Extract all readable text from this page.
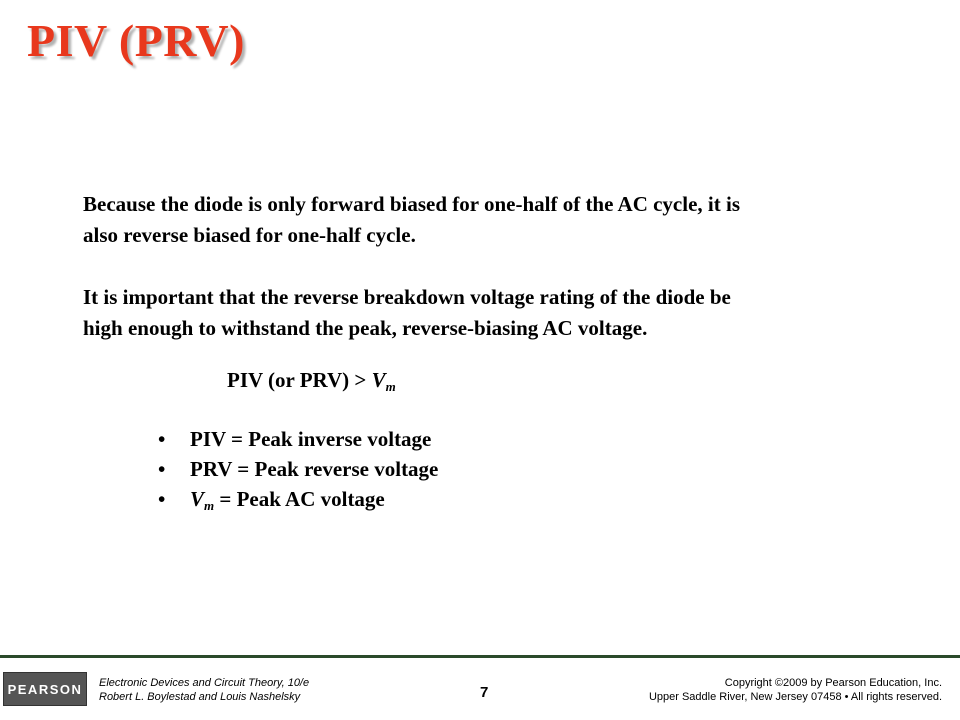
PIV (PRV)

Because the diode is only forward biased for one-half of the AC cycle, it is
also reverse biased for one-half cycle.

It is important that the reverse breakdown voltage rating of the diode be
high enough to withstand the peak, reverse-biasing AC voltage.

PIV (or $PRV) > V_m$
•	PIV = Peak inverse voltage
•	PRV = Peak reverse voltage
•	$V_m$ = Peak AC voltage
PEARSON	Electronic Devices and Circuit Theory, 10/e
Robert L. Boylestad and Louis Nashelsky	7
Copyright ©2009 by Pearson Education, Inc.
Upper Saddle River, New Jersey 07458 • All rights reserved.
